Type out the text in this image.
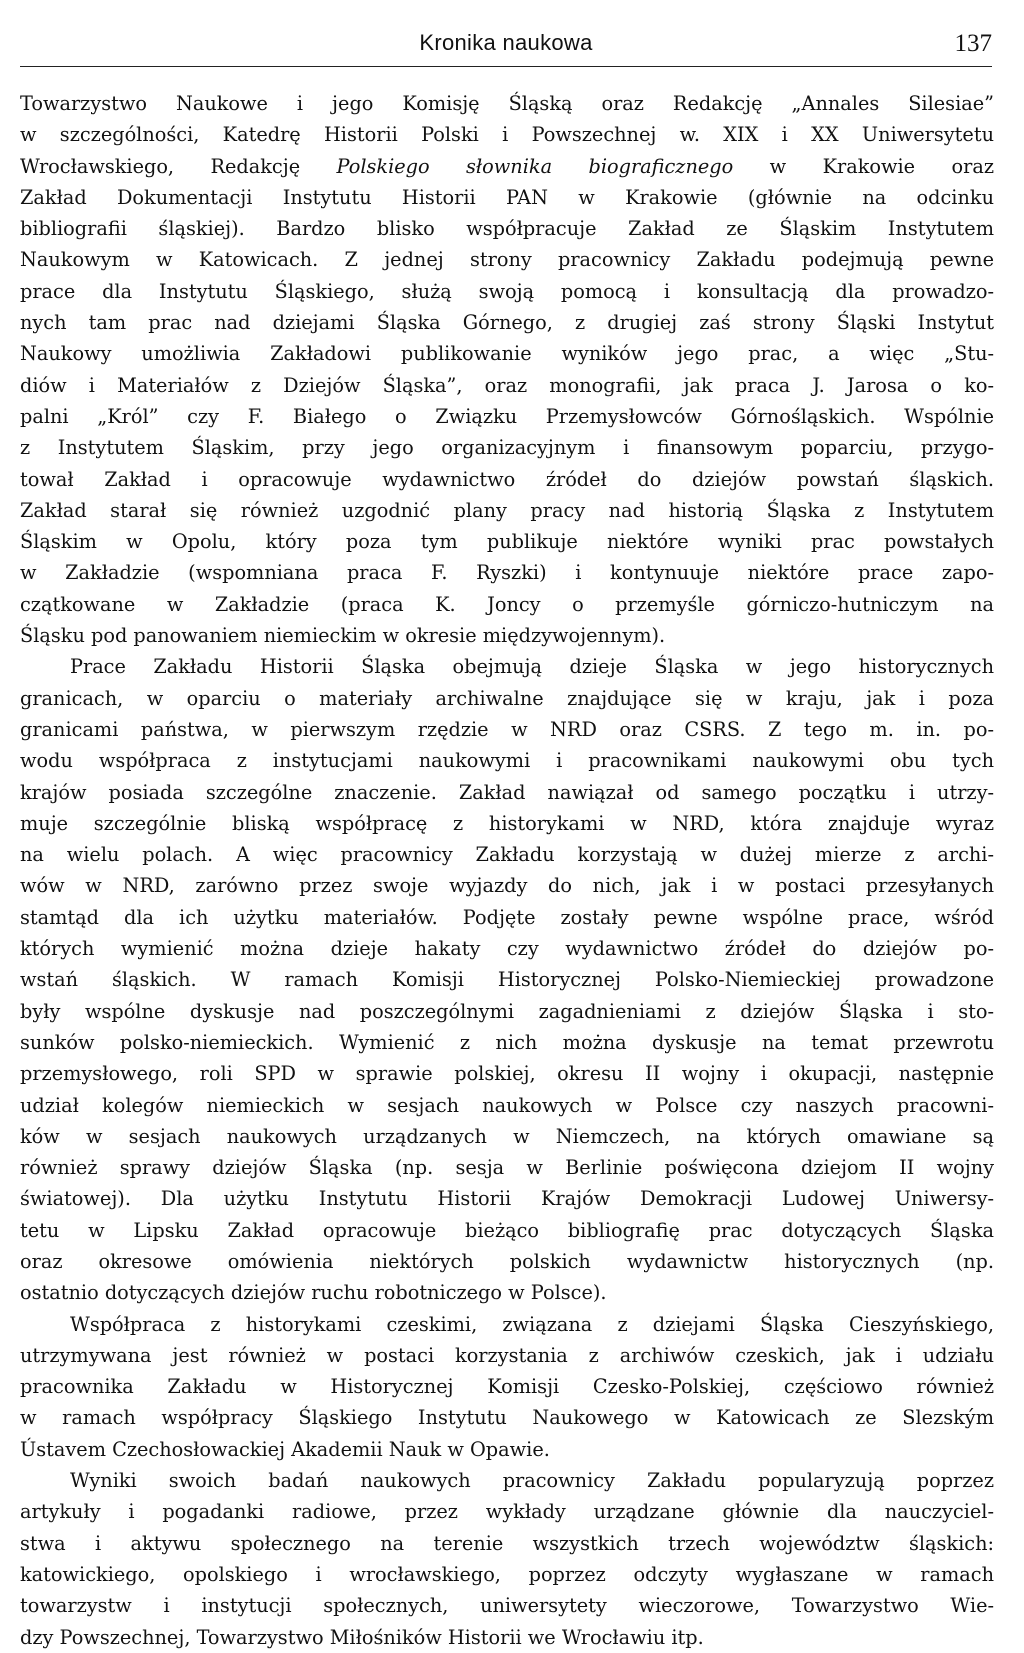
Kronika naukowa	137
Towarzystwo Naukowe i jego Komisję Śląską oraz Redakcję „Annales Silesiae”
w szczególności, Katedrę Historii Polski i Powszechnej w. XIX i XX Uniwersytetu
Wrocławskiego, Redakcję Polskiego słownika biograficznego w Krakowie oraz
Zakład Dokumentacji Instytutu Historii PAN w Krakowie (głównie na odcinku
bibliografii śląskiej). Bardzo blisko współpracuje Zakład ze Śląskim Instytutem
Naukowym w Katowicach. Z jednej strony pracownicy Zakładu podejmują pewne
prace dla Instytutu Śląskiego, służą swoją pomocą i konsultacją dla prowadzo-
nych tam prac nad dziejami Śląska Górnego, z drugiej zaś strony Śląski Instytut
Naukowy umożliwia Zakładowi publikowanie wyników jego prac, a więc „Stu-
diów i Materiałów z Dziejów Śląska”, oraz monografii, jak praca J. Jarosa o ko-
palni „Król” czy F. Białego o Związku Przemysłowców Górnośląskich. Wspólnie
z Instytutem Śląskim, przy jego organizacyjnym i finansowym poparciu, przygo-
tował Zakład i opracowuje wydawnictwo źródeł do dziejów powstań śląskich.
Zakład starał się również uzgodnić plany pracy nad historią Śląska z Instytutem
Śląskim w Opolu, który poza tym publikuje niektóre wyniki prac powstałych
w Zakładzie (wspomniana praca F. Ryszki) i kontynuuje niektóre prace zapo-
czątkowane w Zakładzie (praca K. Joncy o przemyśle górniczo-hutniczym na
Śląsku pod panowaniem niemieckim w okresie międzywojennym).
Prace Zakładu Historii Śląska obejmują dzieje Śląska w jego historycznych
granicach, w oparciu o materiały archiwalne znajdujące się w kraju, jak i poza
granicami państwa, w pierwszym rzędzie w NRD oraz CSRS. Z tego m. in. po-
wodu współpraca z instytucjami naukowymi i pracownikami naukowymi obu tych
krajów posiada szczególne znaczenie. Zakład nawiązał od samego początku i utrzy-
muje szczególnie bliską współpracę z historykami w NRD, która znajduje wyraz
na wielu polach. A więc pracownicy Zakładu korzystają w dużej mierze z archi-
wów w NRD, zarówno przez swoje wyjazdy do nich, jak i w postaci przesyłanych
stamtąd dla ich użytku materiałów. Podjęte zostały pewne wspólne prace, wśród
których wymienić można dzieje hakaty czy wydawnictwo źródeł do dziejów po-
wstań śląskich. W ramach Komisji Historycznej Polsko-Niemieckiej prowadzone
były wspólne dyskusje nad poszczególnymi zagadnieniami z dziejów Śląska i sto-
sunków polsko-niemieckich. Wymienić z nich można dyskusje na temat przewrotu
przemysłowego, roli SPD w sprawie polskiej, okresu II wojny i okupacji, następnie
udział kolegów niemieckich w sesjach naukowych w Polsce czy naszych pracowni-
ków w sesjach naukowych urządzanych w Niemczech, na których omawiane są
również sprawy dziejów Śląska (np. sesja w Berlinie poświęcona dziejom II wojny
światowej). Dla użytku Instytutu Historii Krajów Demokracji Ludowej Uniwersy-
tetu w Lipsku Zakład opracowuje bieżąco bibliografię prac dotyczących Śląska
oraz okresowe omówienia niektórych polskich wydawnictw historycznych (np.
ostatnio dotyczących dziejów ruchu robotniczego w Polsce).
Współpraca z historykami czeskimi, związana z dziejami Śląska Cieszyńskiego,
utrzymywana jest również w postaci korzystania z archiwów czeskich, jak i udziału
pracownika Zakładu w Historycznej Komisji Czesko-Polskiej, częściowo również
w ramach współpracy Śląskiego Instytutu Naukowego w Katowicach ze Slezským
Ústavem Czechosłowackiej Akademii Nauk w Opawie.
Wyniki swoich badań naukowych pracownicy Zakładu popularyzują poprzez
artykuły i pogadanki radiowe, przez wykłady urządzane głównie dla nauczyciel-
stwa i aktywu społecznego na terenie wszystkich trzech województw śląskich:
katowickiego, opolskiego i wrocławskiego, poprzez odczyty wygłaszane w ramach
towarzystw i instytucji społecznych, uniwersytety wieczorowe, Towarzystwo Wie-
dzy Powszechnej, Towarzystwo Miłośników Historii we Wrocławiu itp.
